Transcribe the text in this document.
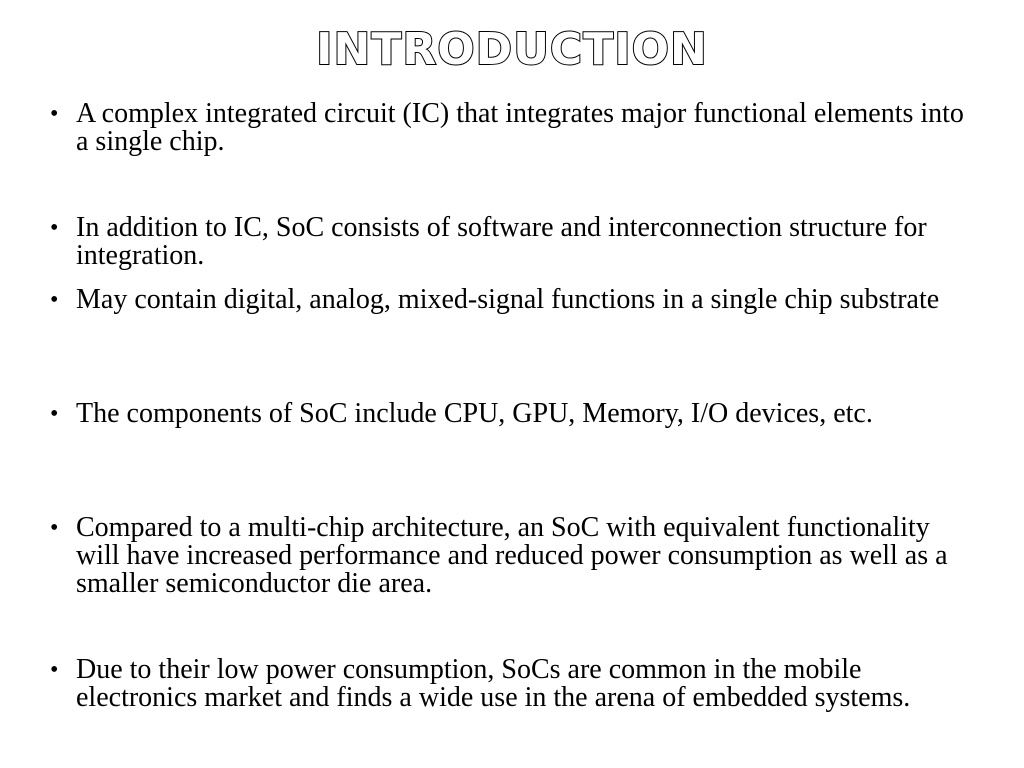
INTRODUCTION
• A complex integrated circuit (IC) that integrates major functional elements into a single chip.
• In addition to IC, SoC consists of software and interconnection structure for integration.
• May contain digital, analog, mixed-signal functions in a single chip substrate
• The components of SoC include CPU, GPU, Memory, I/O devices, etc.
• Compared to a multi-chip architecture, an SoC with equivalent functionality will have increased performance and reduced power consumption as well as a smaller semiconductor die area.
• Due to their low power consumption, SoCs are common in the mobile electronics market and finds a wide use in the arena of embedded systems.
